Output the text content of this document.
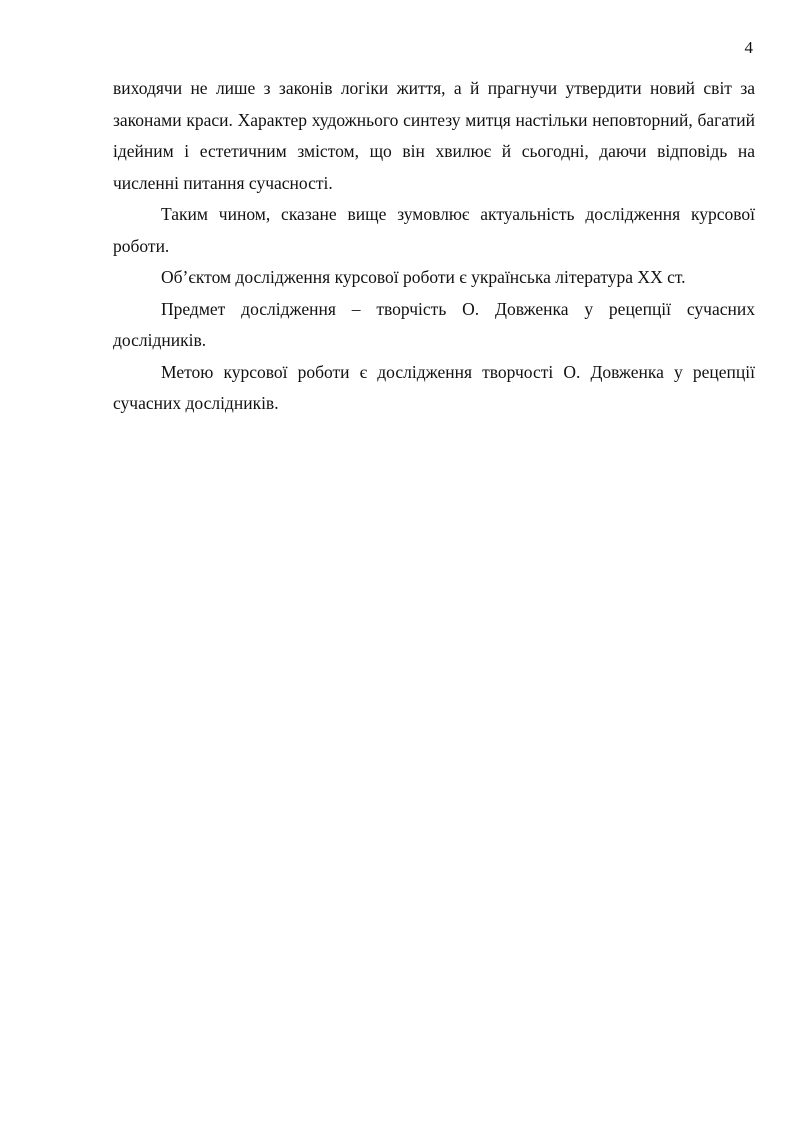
4

виходячи не лише з законів логіки життя, а й прагнучи утвердити новий світ за законами краси. Характер художнього синтезу митця настільки неповторний, багатий ідейним і естетичним змістом, що він хвилює й сьогодні, даючи відповідь на численні питання сучасності.

Таким чином, сказане вище зумовлює актуальність дослідження курсової роботи.

Об’єктом дослідження курсової роботи є українська література ХХ ст.

Предмет дослідження – творчість О. Довженка у рецепції сучасних дослідників.

Метою курсової роботи є дослідження творчості О. Довженка у рецепції сучасних дослідників.
